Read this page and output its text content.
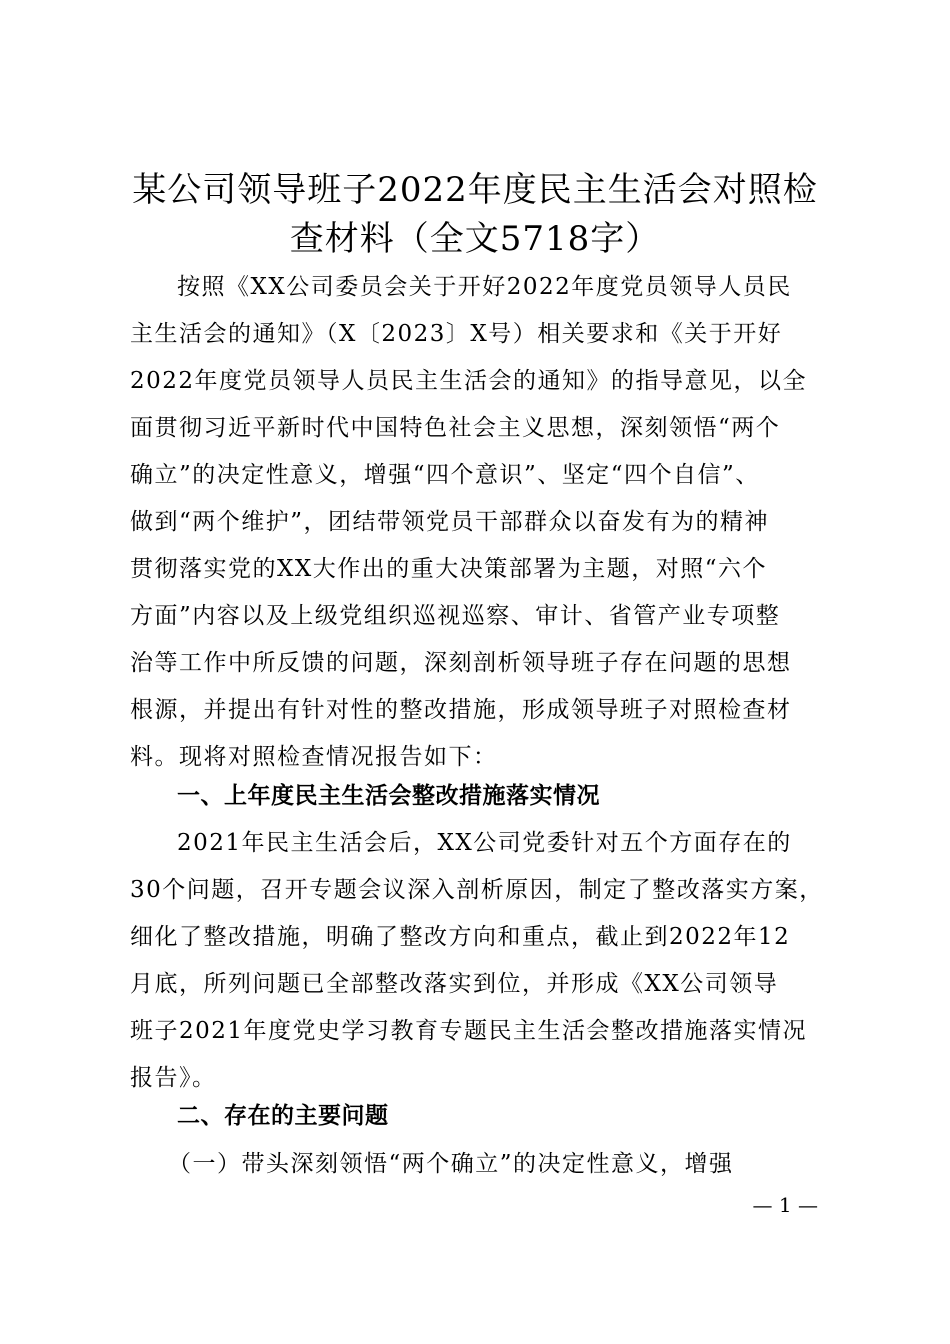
某公司领导班子2022年度民主生活会对照检
查材料（全文5718字）
按照《XX公司委员会关于开好2022年度党员领导人员民
主生活会的通知》（X〔2023〕X号）相关要求和《关于开好
2022年度党员领导人员民主生活会的通知》的指导意见，以全
面贯彻习近平新时代中国特色社会主义思想，深刻领悟“两个
确立”的决定性意义，增强“四个意识”、坚定“四个自信”、
做到“两个维护”，团结带领党员干部群众以奋发有为的精神
贯彻落实党的XX大作出的重大决策部署为主题，对照“六个
方面”内容以及上级党组织巡视巡察、审计、省管产业专项整
治等工作中所反馈的问题，深刻剖析领导班子存在问题的思想
根源，并提出有针对性的整改措施，形成领导班子对照检查材
料。现将对照检查情况报告如下：
一、上年度民主生活会整改措施落实情况
2021年民主生活会后，XX公司党委针对五个方面存在的
30个问题，召开专题会议深入剖析原因，制定了整改落实方案，
细化了整改措施，明确了整改方向和重点，截止到2022年12
月底，所列问题已全部整改落实到位，并形成《XX公司领导
班子2021年度党史学习教育专题民主生活会整改措施落实情况
报告》。
二、存在的主要问题
（一）带头深刻领悟“两个确立”的决定性意义，增强
— 1 —
